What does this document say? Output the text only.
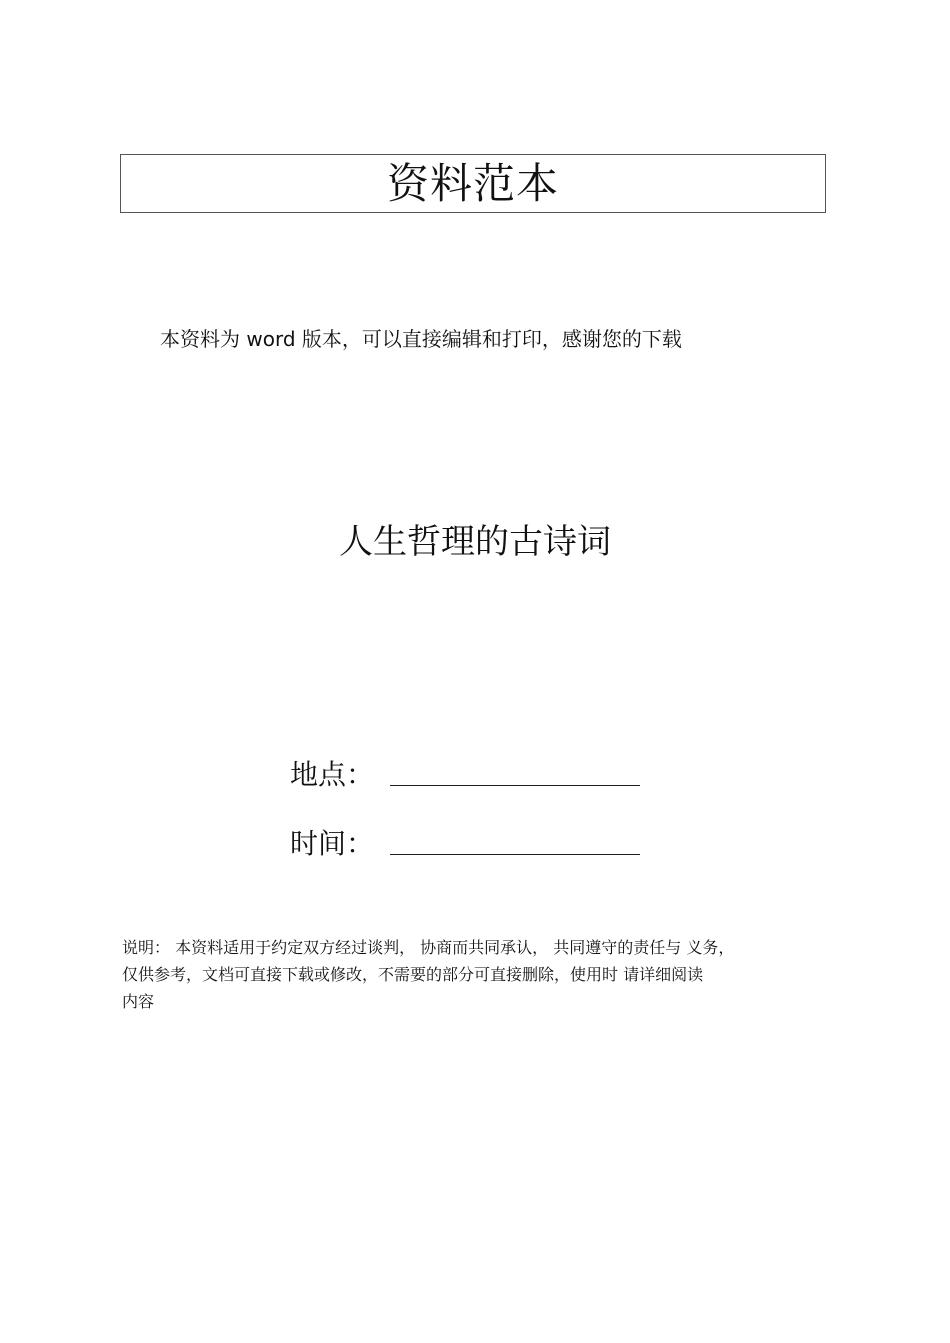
资料范本
本资料为 word 版本，可以直接编辑和打印，感谢您的下载
人生哲理的古诗词
地点：
时间：
说明： 本资料适用于约定双方经过谈判， 协商而共同承认， 共同遵守的责任与 义务，
仅供参考，文档可直接下载或修改，不需要的部分可直接删除，使用时 请详细阅读
内容
